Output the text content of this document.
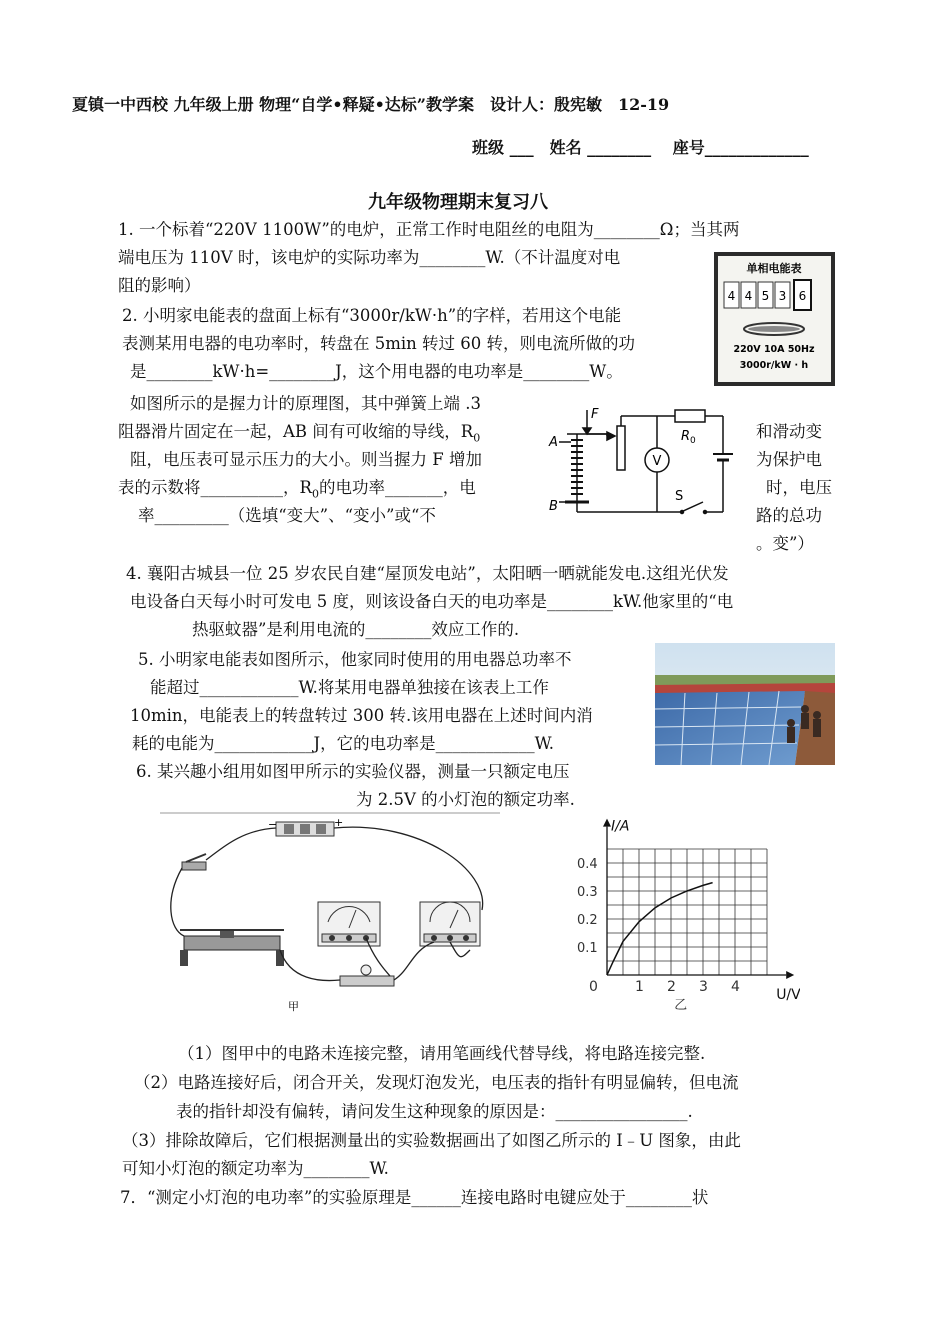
夏镇一中西校 九年级上册 物理“自学•释疑•达标”教学案　设计人：殷宪敏　12-19
班级 ___　姓名 ________　 座号_____________
九年级物理期末复习八
1. 一个标着“220V 1100W”的电炉，正常工作时电阻丝的电阻为________Ω；当其两
端电压为 110V 时，该电炉的实际功率为________W.（不计温度对电
阻的影响）
单相电能表
4 4 5 3 6
220V 10A 50Hz
3000r/kW · h
2. 小明家电能表的盘面上标有“3000r/kW·h”的字样，若用这个电能
表测某用电器的电功率时，转盘在 5min 转过 60 转，则电流所做的功
是________kW·h=________J，这个用电器的电功率是________W。
如图所示的是握力计的原理图，其中弹簧上端 .3
阻器滑片固定在一起，AB 间有可收缩的导线，$R_0$
阻，电压表可显示压力的大小。则当握力 F 增加
表的示数将__________，$R_0$的电功率_______，电
率_________（选填“变大”、“变小”或“不
和滑动变
为保护电
时，电压
路的总功
。变”）
F
A
B
R 0
V
S
4. 襄阳古城县一位 25 岁农民自建“屋顶发电站”，太阳晒一晒就能发电.这组光伏发
电设备白天每小时可发电 5 度，则该设备白天的电功率是________kW.他家里的“电
热驱蚊器”是利用电流的________效应工作的.
5. 小明家电能表如图所示，他家同时使用的用电器总功率不
能超过____________W.将某用电器单独接在该表上工作
10min，电能表上的转盘转过 300 转.该用电器在上述时间内消
耗的电能为____________J，它的电功率是____________W.
6. 某兴趣小组用如图甲所示的实验仪器，测量一只额定电压
为 2.5V 的小灯泡的额定功率.
−	+
甲
0	1 2 3 4
0.1
0.2
0.3
0.4
U/V
I/A
乙
（1）图甲中的电路未连接完整，请用笔画线代替导线，将电路连接完整.
（2）电路连接好后，闭合开关，发现灯泡发光，电压表的指针有明显偏转，但电流
表的指针却没有偏转，请问发生这种现象的原因是：________________.
（3）排除故障后，它们根据测量出的实验数据画出了如图乙所示的 I﹣U 图象，由此
可知小灯泡的额定功率为________W.
7．“测定小灯泡的电功率”的实验原理是______连接电路时电键应处于________状
